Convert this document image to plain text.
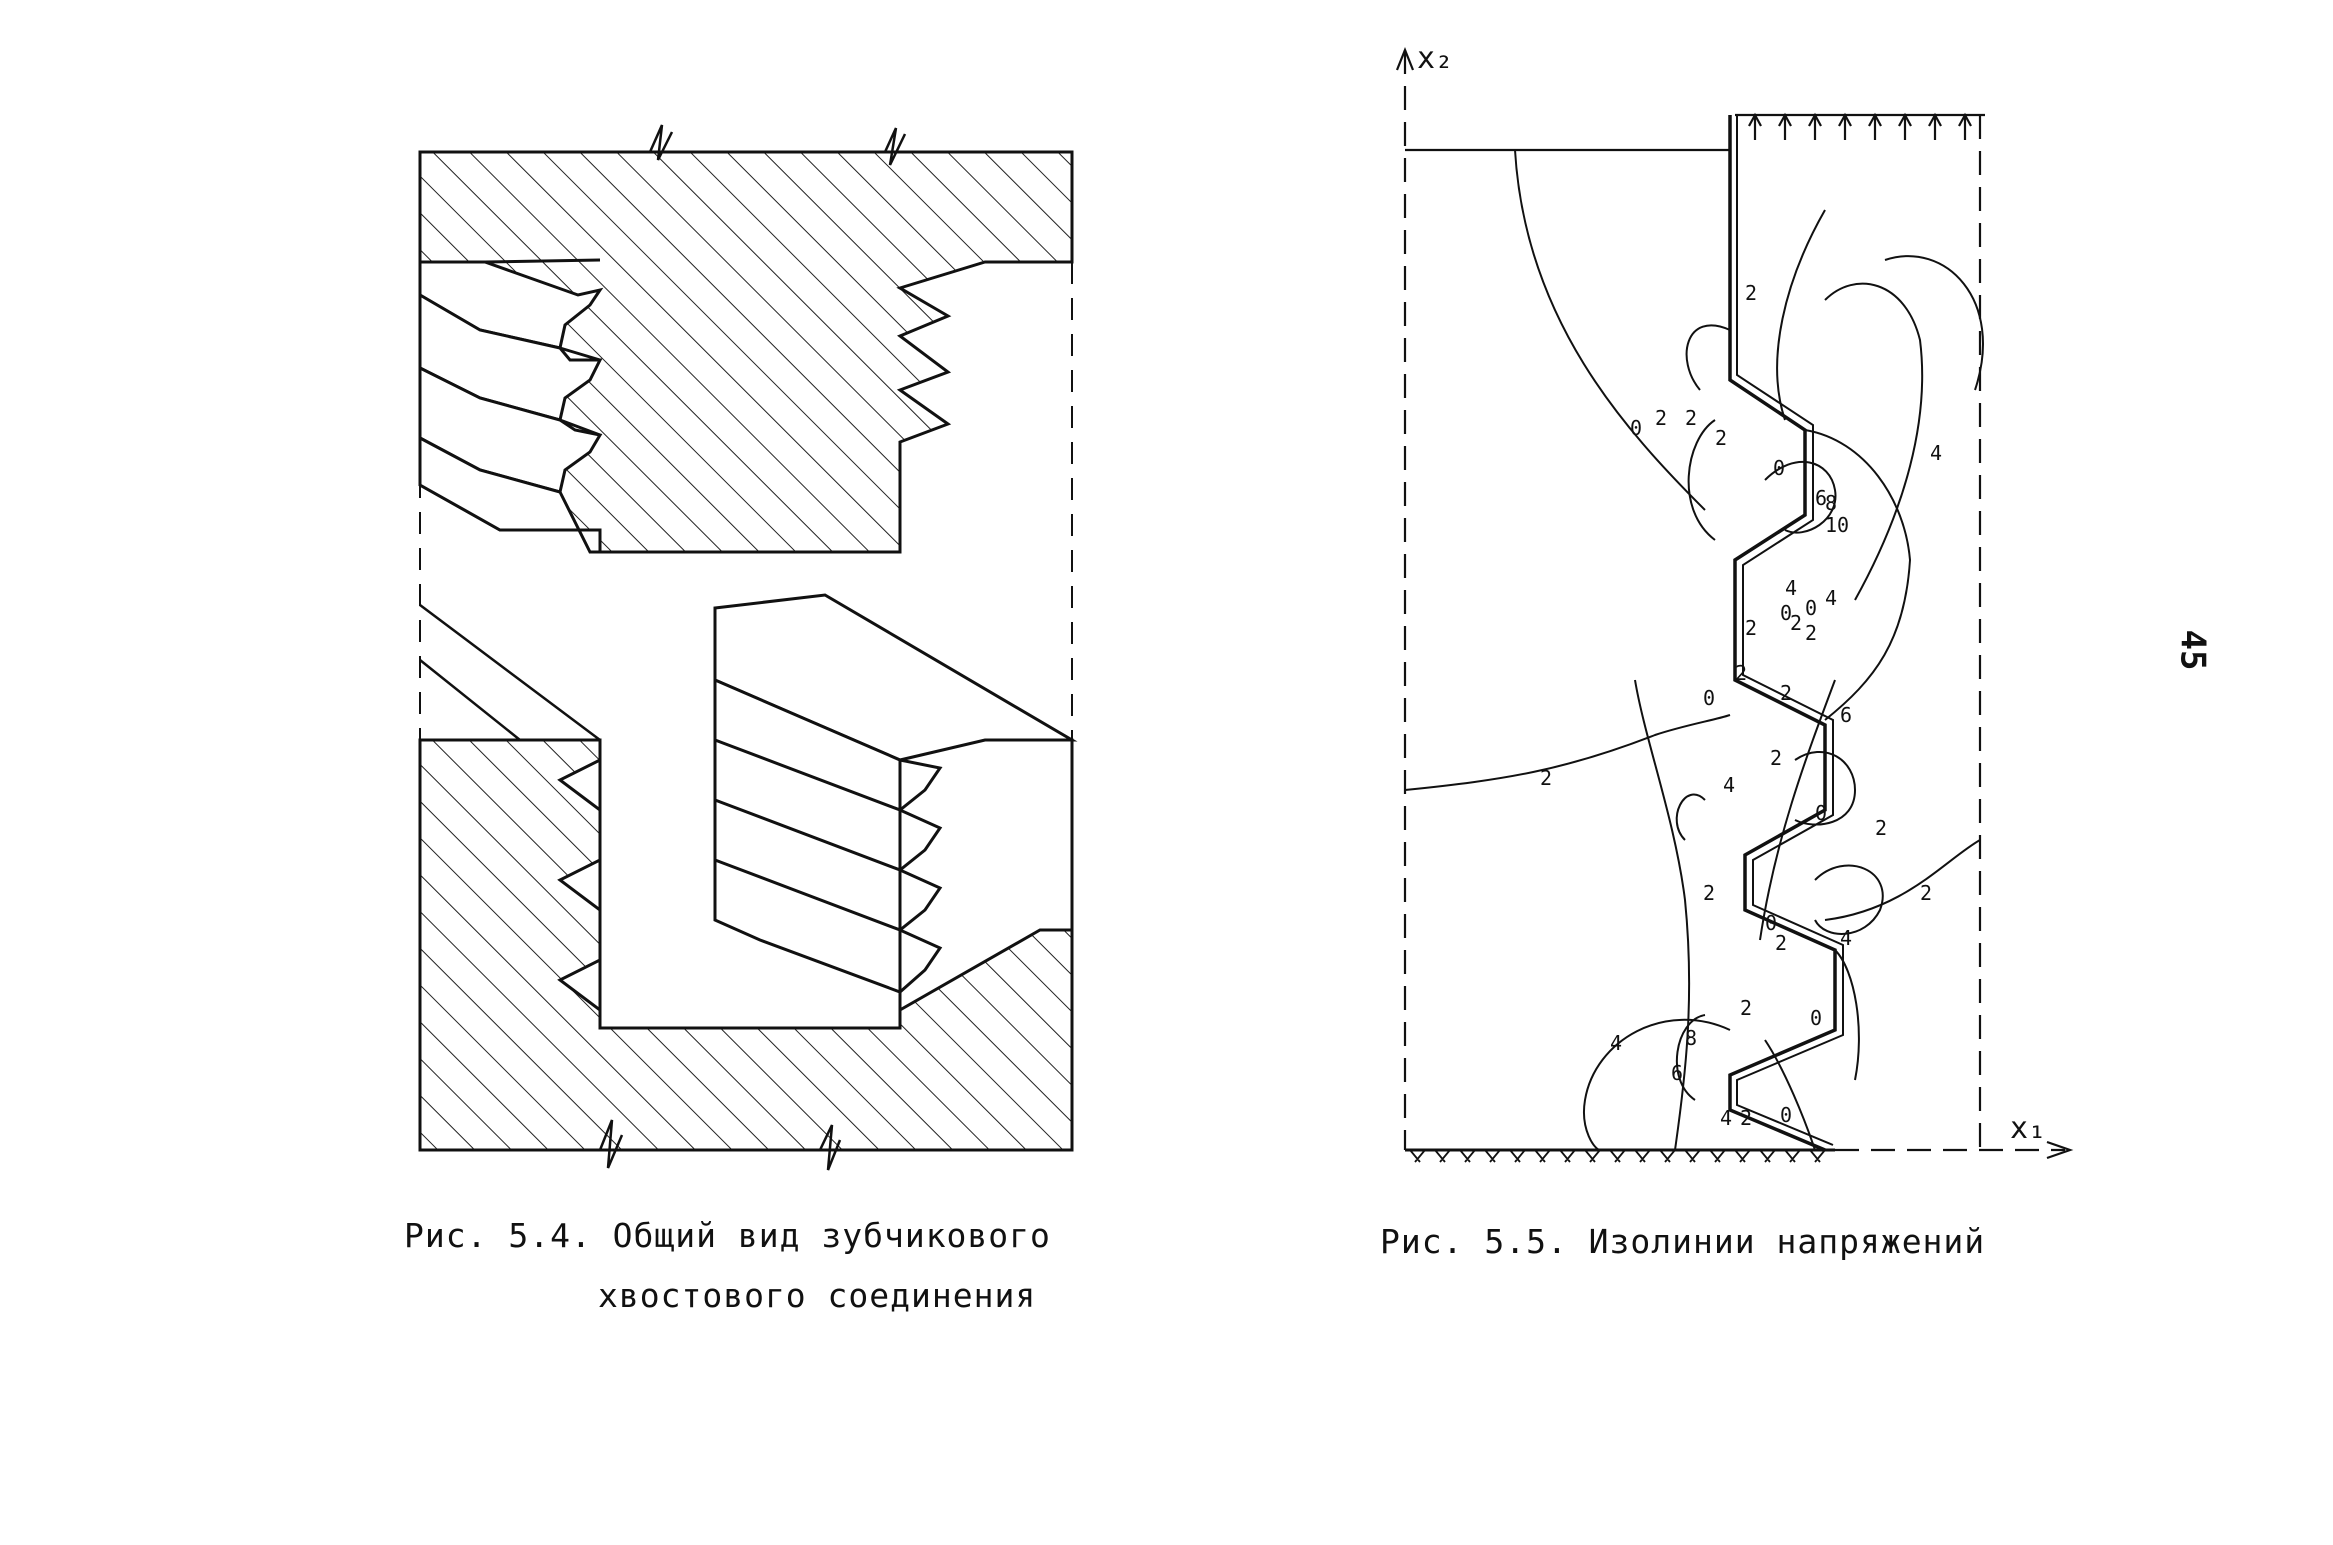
Рис. 5.4. Общий вид зубчикового
хвостового соединения
x₂
x₁
0
2
2
4
0
2
2
0
2
2
4
6
8
10
4
0
2
6
0	2
2
4
0
2
2
2
0
2	4
2
0
4	8
6
2
4 2 0
2
Рис. 5.5. Изолинии напряжений
45
